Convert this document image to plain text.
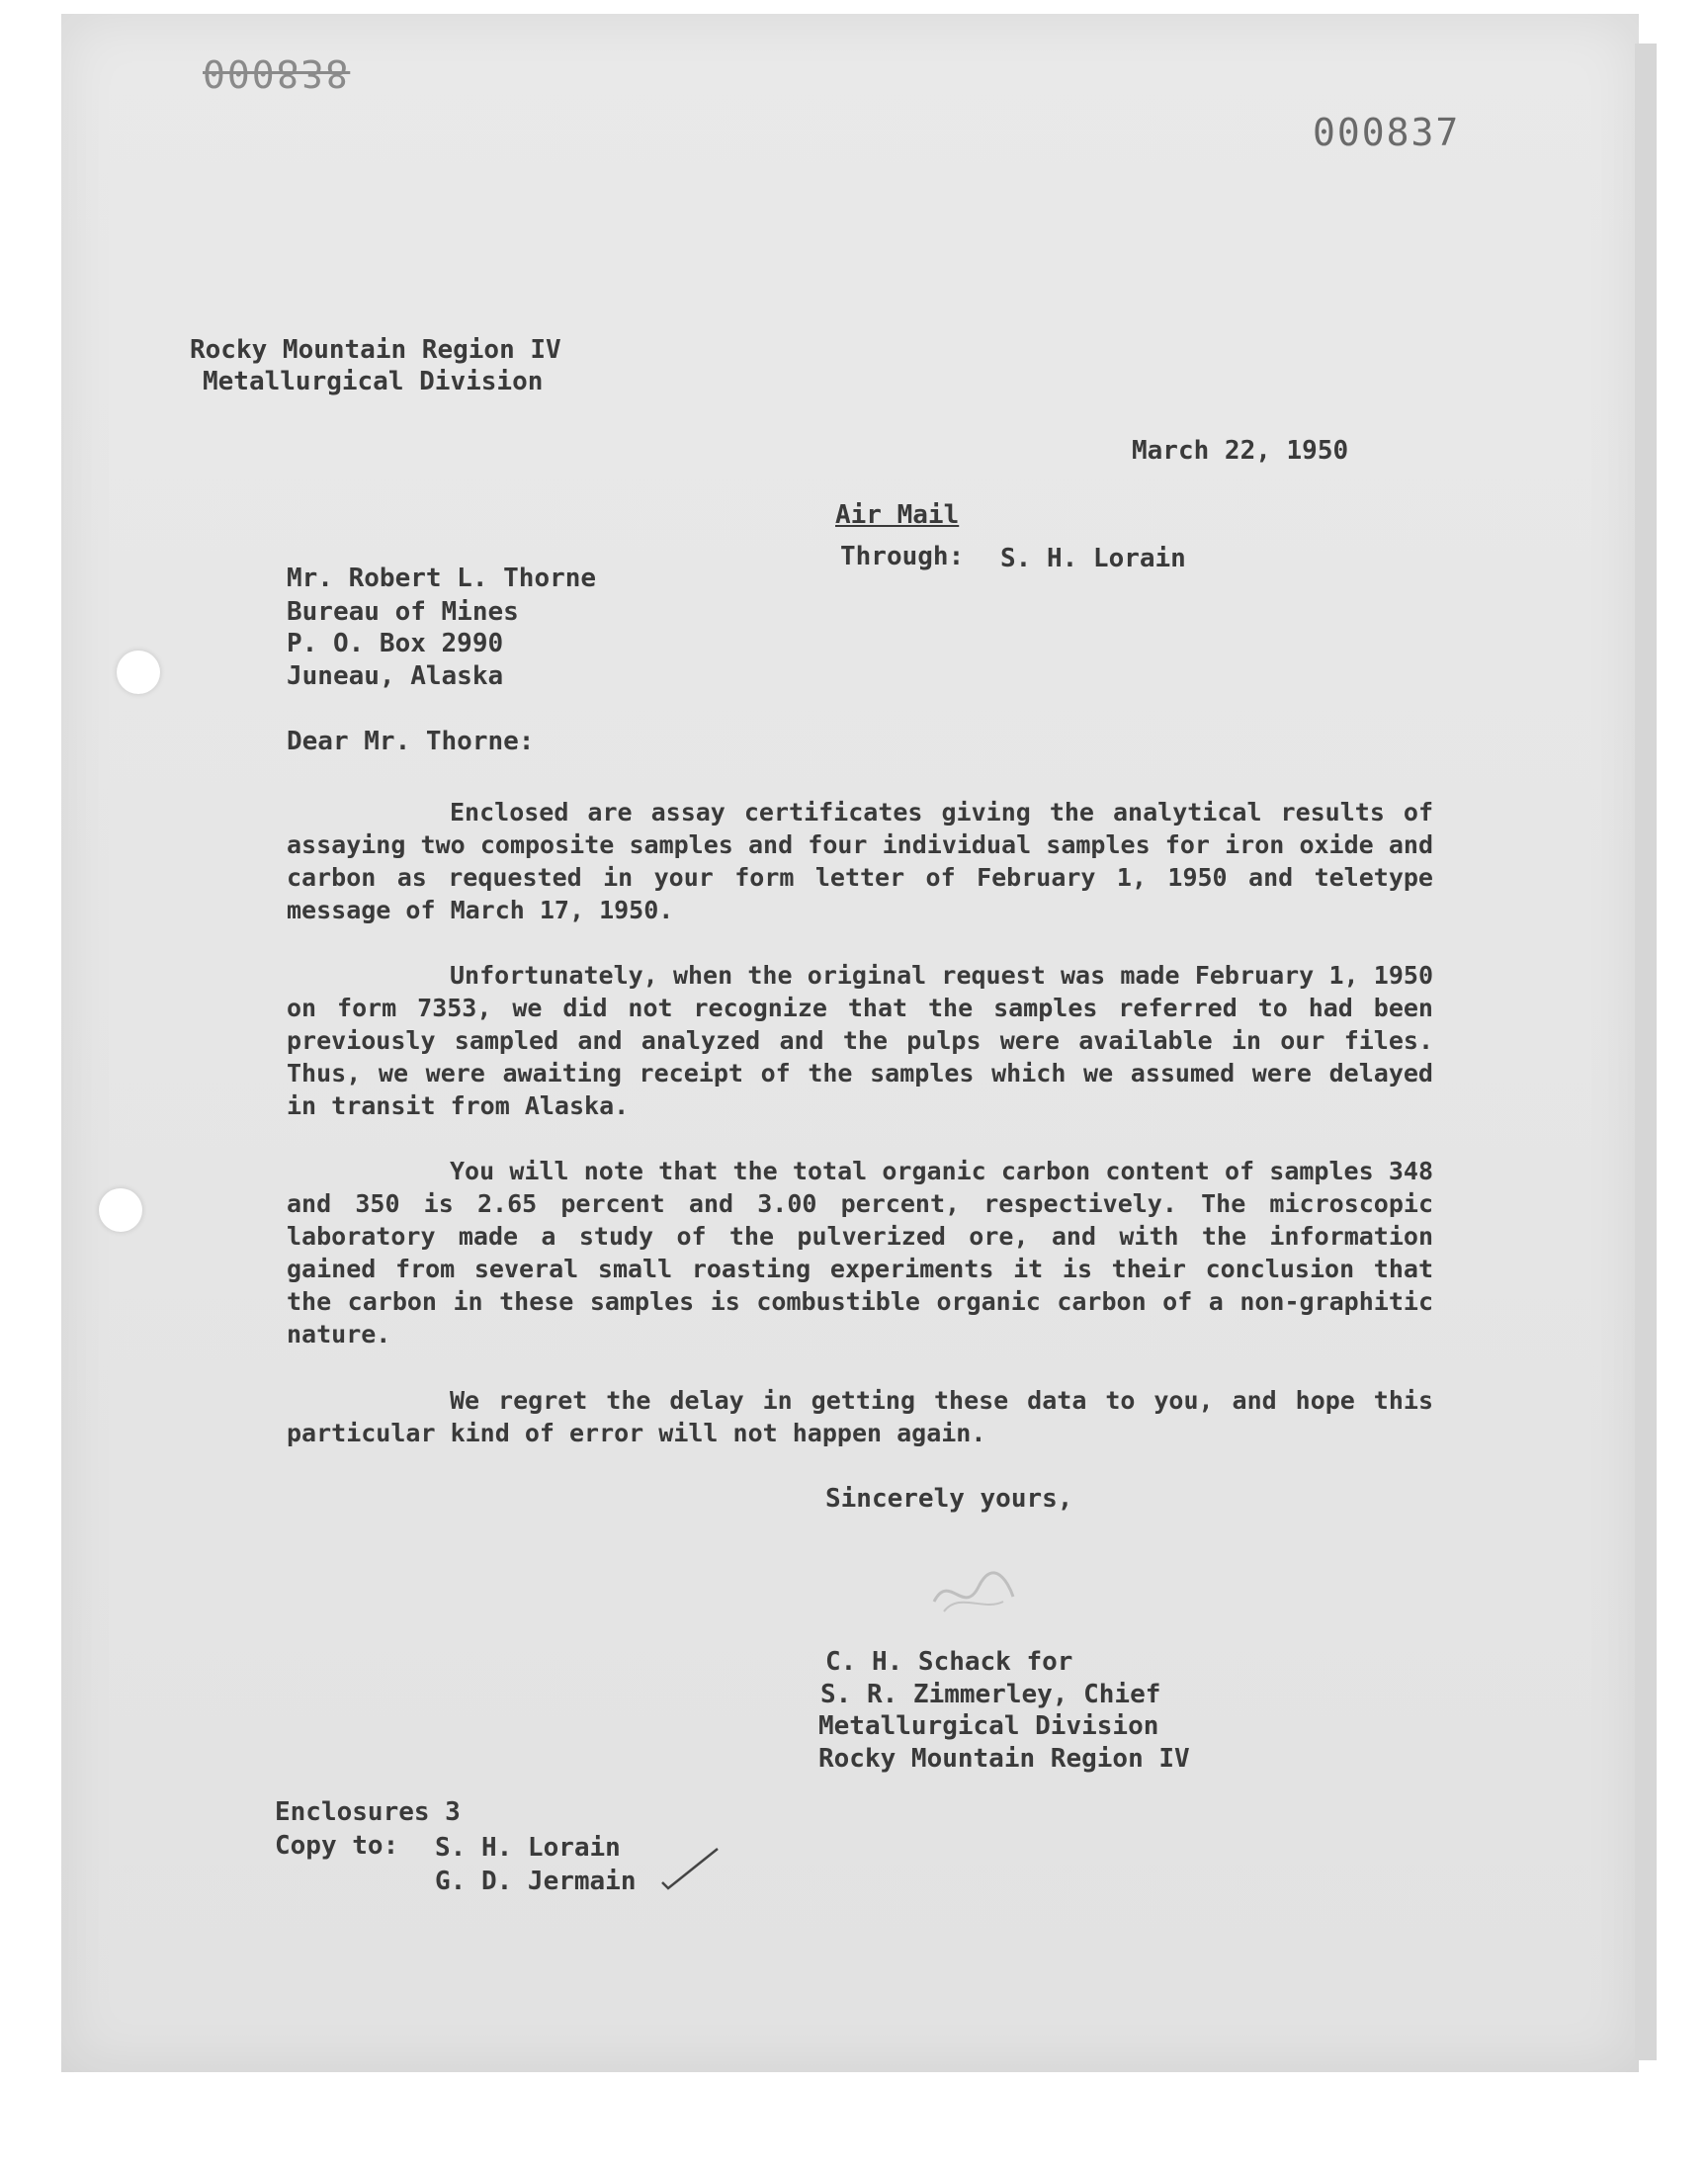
000838
000837
Rocky Mountain Region IV
Metallurgical Division
March 22, 1950
Air Mail
Through: S. H. Lorain
Mr. Robert L. Thorne
Bureau of Mines
P. O. Box 2990
Juneau, Alaska
Dear Mr. Thorne:
Enclosed are assay certificates giving the analytical results of assaying two composite samples and four individual samples for iron oxide and carbon as requested in your form letter of February 1, 1950 and teletype message of March 17, 1950.
Unfortunately, when the original request was made February 1, 1950 on form 7353, we did not recognize that the samples referred to had been previously sampled and analyzed and the pulps were available in our files. Thus, we were awaiting receipt of the samples which we assumed were delayed in transit from Alaska.
You will note that the total organic carbon content of samples 348 and 350 is 2.65 percent and 3.00 percent, respectively. The microscopic laboratory made a study of the pulverized ore, and with the information gained from several small roasting experiments it is their conclusion that the carbon in these samples is combustible organic carbon of a non-graphitic nature.
We regret the delay in getting these data to you, and hope this particular kind of error will not happen again.
Sincerely yours,
C. H. Schack for
S. R. Zimmerley, Chief
Metallurgical Division
Rocky Mountain Region IV
Enclosures 3
Copy to: S. H. Lorain
G. D. Jermain
